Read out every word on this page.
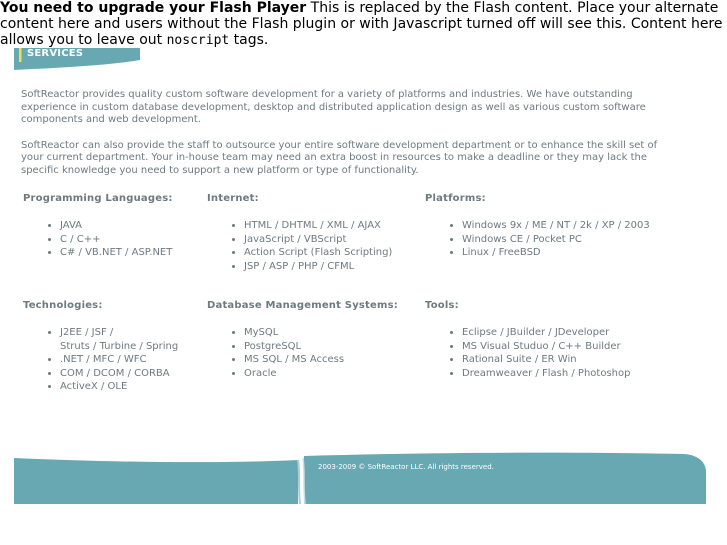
You need to upgrade your Flash Player This is replaced by the Flash content. Place your alternate content here and users without the Flash plugin or with Javascript turned off will see this. Content here allows you to leave out noscript tags.
SERVICES

SoftReactor provides quality custom software development for a variety of platforms and industries. We have outstanding experience in custom database development, desktop and distributed application design as well as various custom software components and web development.

SoftReactor can also provide the staff to outsource your entire software development department or to enhance the skill set of your current department. Your in-house team may need an extra boost in resources to make a deadline or they may lack the specific knowledge you need to support a new platform or type of functionality.

Programming Languages:
• JAVA
• C / C++
• C# / VB.NET / ASP.NET
Internet:
• HTML / DHTML / XML / AJAX
• JavaScript / VBScript
• Action Script (Flash Scripting)
• JSP / ASP / PHP / CFML
Platforms:
• Windows 9x / ME / NT / 2k / XP / 2003
• Windows CE / Pocket PC
• Linux / FreeBSD
Technologies:
• J2EE / JSF /
Struts / Turbine / Spring
• .NET / MFC / WFC
• COM / DCOM / CORBA
• ActiveX / OLE
Database Management Systems:
• MySQL
• PostgreSQL
• MS SQL / MS Access
• Oracle
Tools:
• Eclipse / JBuilder / JDeveloper
• MS Visual Studuo / C++ Builder
• Rational Suite / ER Win
• Dreamweaver / Flash / Photoshop
2003-2009 © SoftReactor LLC. All rights reserved.
